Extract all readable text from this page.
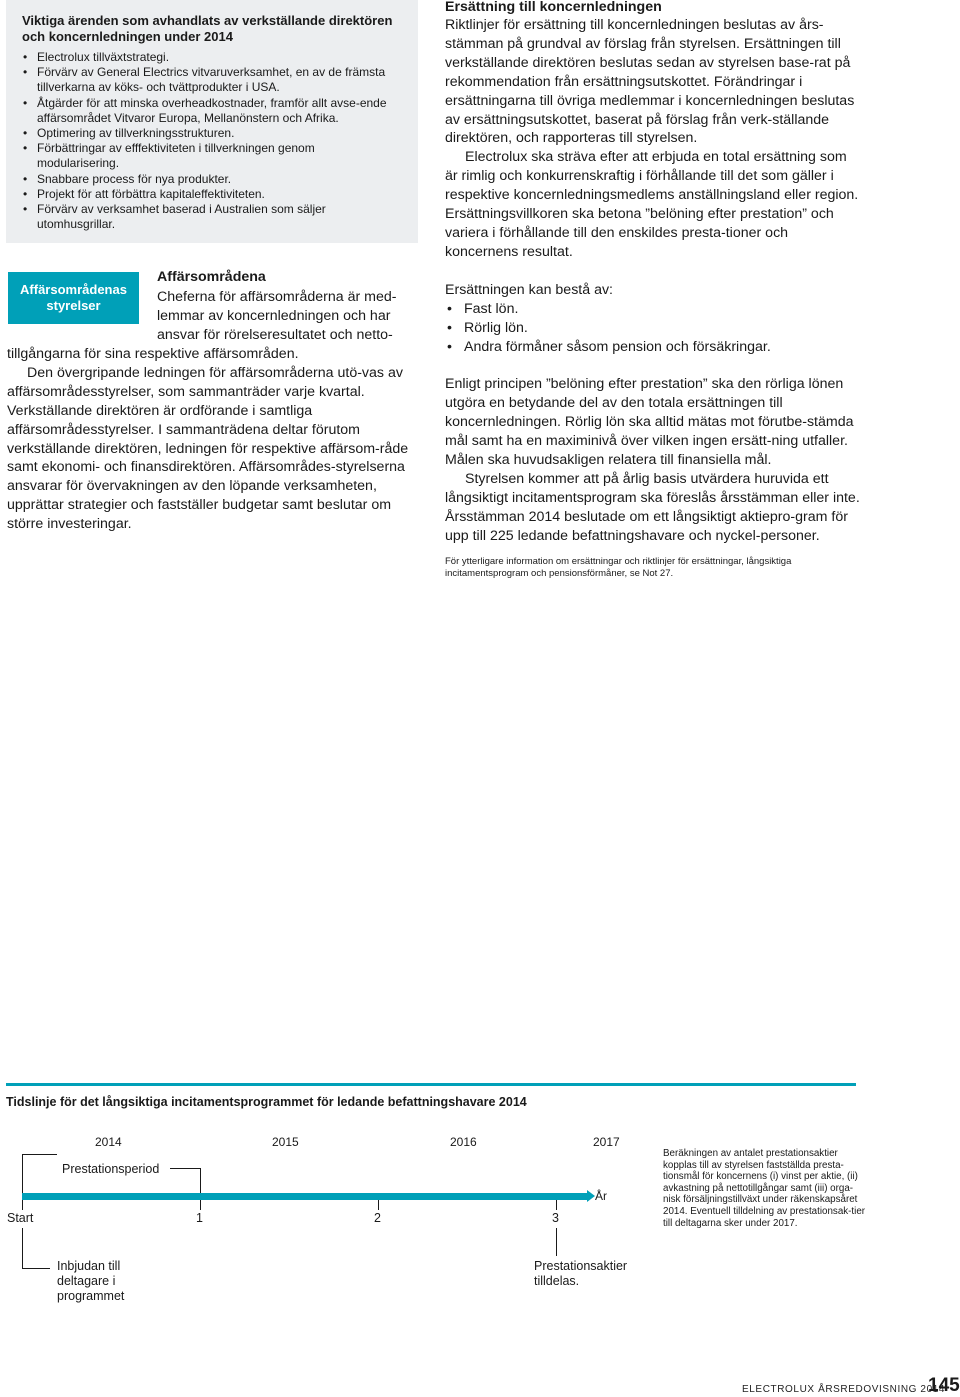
Viktiga ärenden som avhandlats av verkställande direktören och koncernledningen under 2014
• Electrolux tillväxtstrategi.
• Förvärv av General Electrics vitvaruverksamhet, en av de främsta tillverkarna av köks- och tvättprodukter i USA.
• Åtgärder för att minska overheadkostnader, framför allt avse-ende affärsområdet Vitvaror Europa, Mellanönstern och Afrika.
• Optimering av tillverkningsstrukturen.
• Förbättringar av efffektiviteten i tillverkningen genom modularisering.
• Snabbare process för nya produkter.
• Projekt för att förbättra kapitaleffektiviteten.
• Förvärv av verksamhet baserad i Australien som säljer utomhusgrillar.
Affärsområdenas styrelser
Affärsområdena
Cheferna för affärsområderna är med-
lemmar av koncernledningen och har
ansvar för rörelseresultatet och netto-

tillgångarna för sina respektive affärsområden.

Den övergripande ledningen för affärsområderna utö-vas av affärsområdesstyrelser, som sammanträder varje kvartal. Verkställande direktören är ordförande i samtliga affärsområdesstyrelser. I sammanträdena deltar förutom verkställande direktören, ledningen för respektive affärsom-råde samt ekonomi- och finansdirektören. Affärsområdes-styrelserna ansvarar för övervakningen av den löpande verksamheten, upprättar strategier och fastställer budgetar samt beslutar om större investeringar.

Ersättning till koncernledningen

Riktlinjer för ersättning till koncernledningen beslutas av års-stämman på grundval av förslag från styrelsen. Ersättningen till verkställande direktören beslutas sedan av styrelsen base-rat på rekommendation från ersättningsutskottet. Förändringar i ersättningarna till övriga medlemmar i koncernledningen beslutas av ersättningsutskottet, baserat på förslag från verk-ställande direktören, och rapporteras till styrelsen.

Electrolux ska sträva efter att erbjuda en total ersättning som är rimlig och konkurrenskraftig i förhållande till det som gäller i respektive koncernledningsmedlems anställningsland eller region. Ersättningsvillkoren ska betona ”belöning efter prestation” och variera i förhållande till den enskildes presta-tioner och koncernens resultat.

Ersättningen kan bestå av:

• Fast lön.
• Rörlig lön.
• Andra förmåner såsom pension och försäkringar.

Enligt principen ”belöning efter prestation” ska den rörliga lönen utgöra en betydande del av den totala ersättningen till koncernledningen. Rörlig lön ska alltid mätas mot förutbe-stämda mål samt ha en maximinivå över vilken ingen ersätt-ning utfaller. Målen ska huvudsakligen relatera till finansiella mål.

Styrelsen kommer att på årlig basis utvärdera huruvida ett långsiktigt incitamentsprogram ska föreslås årsstämman eller inte. Årsstämman 2014 beslutade om ett långsiktigt aktiepro-gram för upp till 225 ledande befattningshavare och nyckel-personer.

För ytterligare information om ersättningar och riktlinjer för ersättningar, långsiktiga incitamentsprogram och pensionsförmåner, se Not 27.

Tidslinje för det långsiktiga incitamentsprogrammet för ledande befattningshavare 2014
2014	2015	2016	2017
Prestationsperiod
År
Start	1	2	3
Inbjudan till deltagare i programmet
Prestationsaktier tilldelas.
Beräkningen av antalet prestationsaktier kopplas till av styrelsen fastställda presta-tionsmål för koncernens (i) vinst per aktie, (ii) avkastning på nettotillgångar samt (iii) orga-nisk försäljningstillväxt under räkenskapsåret 2014. Eventuell tilldelning av prestationsak-tier till deltagarna sker under 2017.
ELECTROLUX ÅRSREDOVISNING 2014
145
